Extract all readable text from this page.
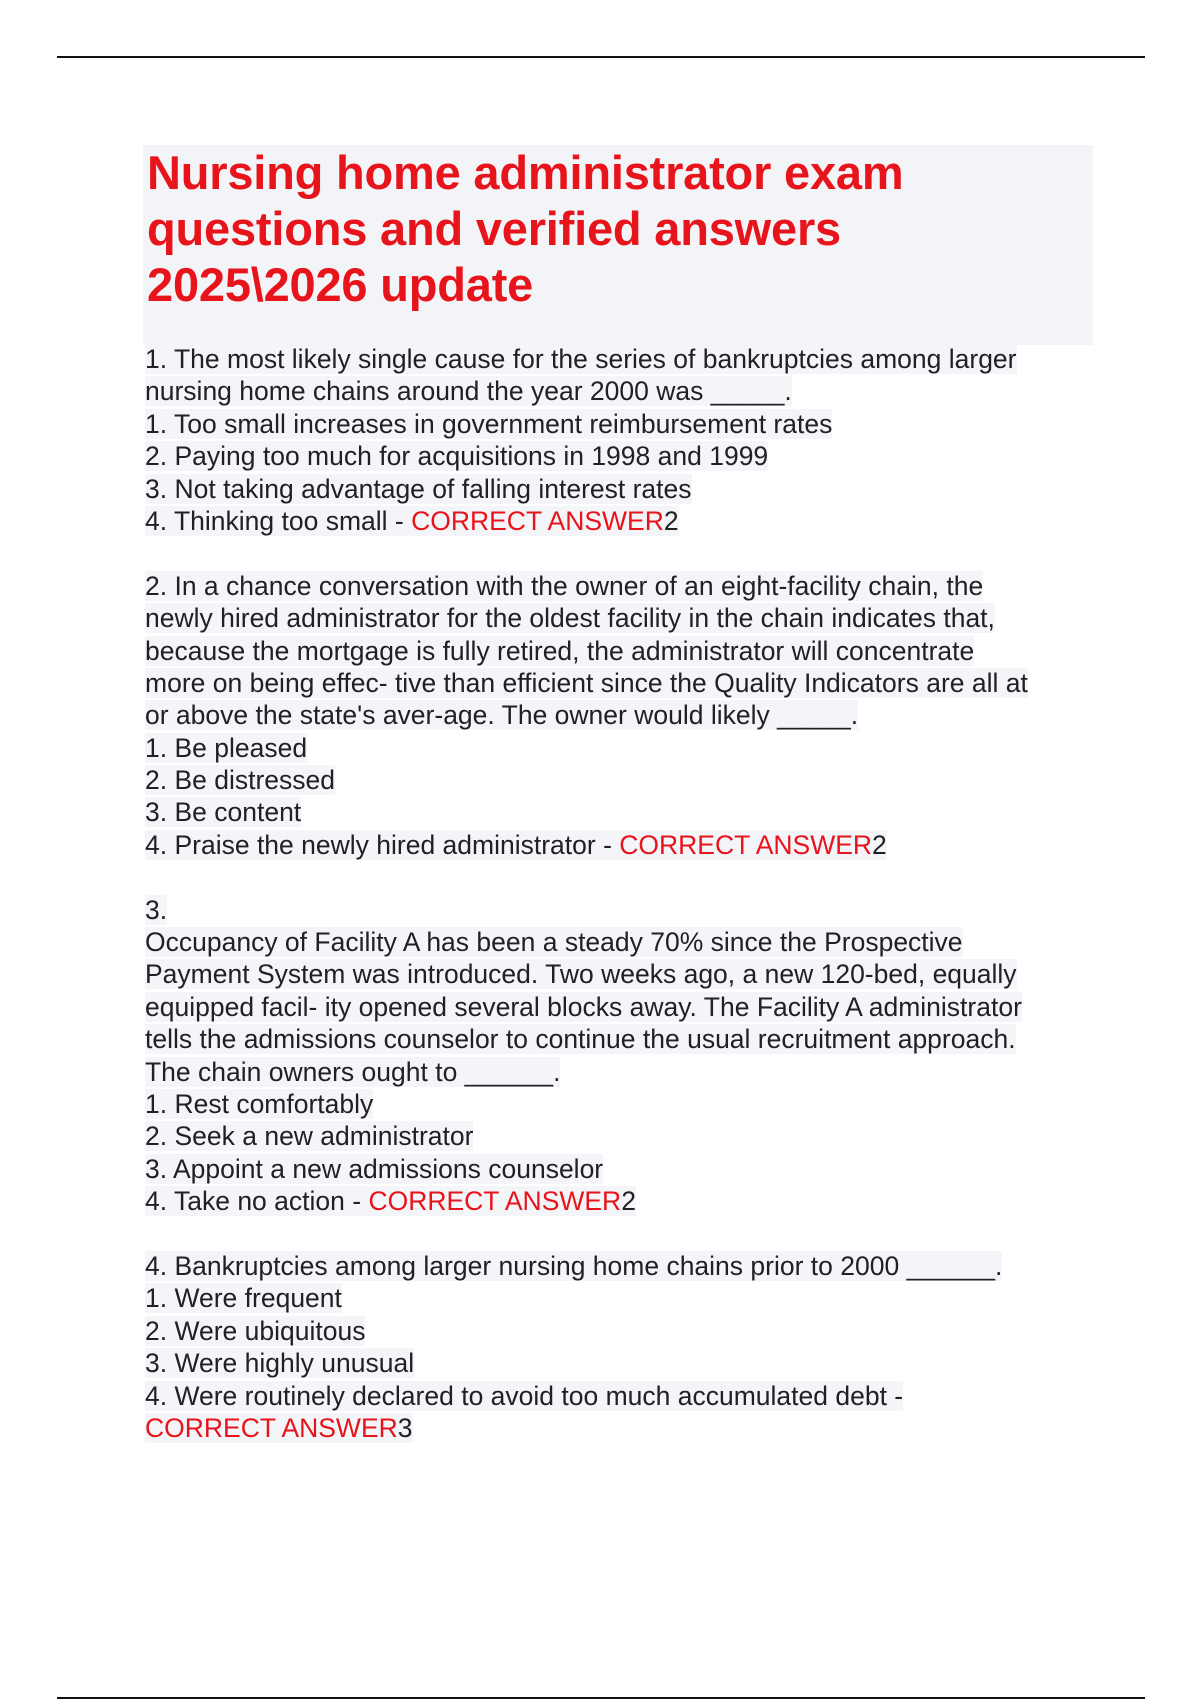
Nursing home administrator exam
questions and verified answers
2025\2026 update
1. The most likely single cause for the series of bankruptcies among larger
nursing home chains around the year 2000 was _____.
1. Too small increases in government reimbursement rates
2. Paying too much for acquisitions in 1998 and 1999
3. Not taking advantage of falling interest rates
4. Thinking too small - CORRECT ANSWER2
2. In a chance conversation with the owner of an eight-facility chain, the
newly hired administrator for the oldest facility in the chain indicates that,
because the mortgage is fully retired, the administrator will concentrate
more on being effec- tive than efficient since the Quality Indicators are all at
or above the state's aver-age. The owner would likely _____.
1. Be pleased
2. Be distressed
3. Be content
4. Praise the newly hired administrator - CORRECT ANSWER2
3.
Occupancy of Facility A has been a steady 70% since the Prospective
Payment System was introduced. Two weeks ago, a new 120-bed, equally
equipped facil- ity opened several blocks away. The Facility A administrator
tells the admissions counselor to continue the usual recruitment approach.
The chain owners ought to ______.
1. Rest comfortably
2. Seek a new administrator
3. Appoint a new admissions counselor
4. Take no action - CORRECT ANSWER2
4. Bankruptcies among larger nursing home chains prior to 2000 ______.
1. Were frequent
2. Were ubiquitous
3. Were highly unusual
4. Were routinely declared to avoid too much accumulated debt -
CORRECT ANSWER3
